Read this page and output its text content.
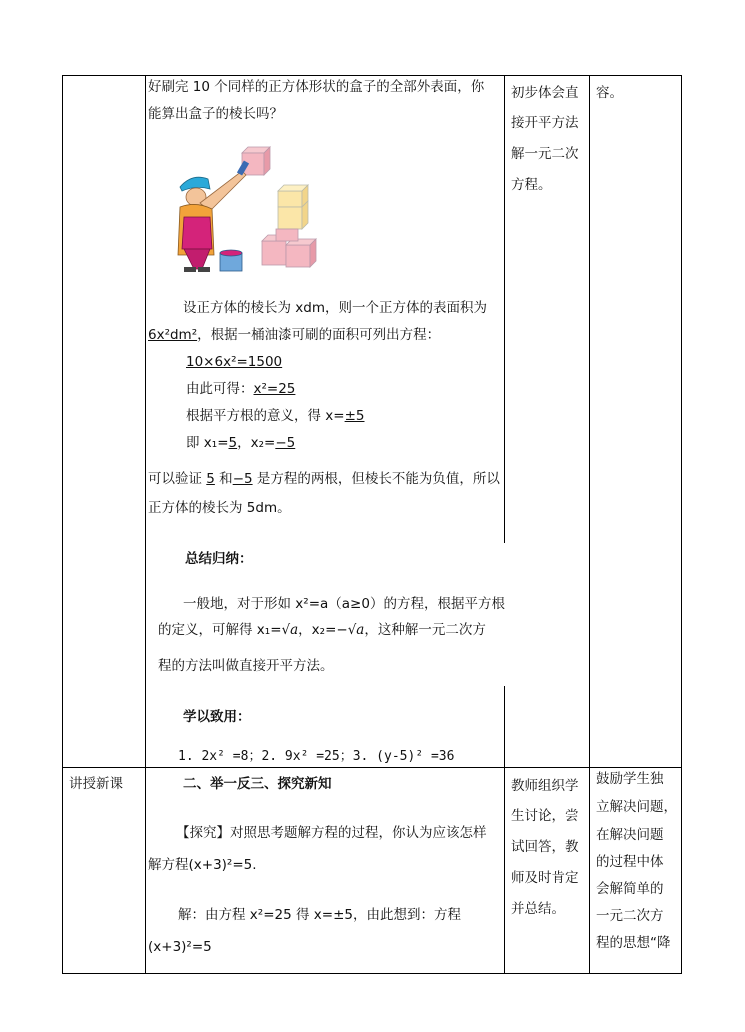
好刷完 10 个同样的正方体形状的盒子的全部外表面，你
能算出盒子的棱长吗？
设正方体的棱长为 xdm，则一个正方体的表面积为
6x²dm²，根据一桶油漆可刷的面积可列出方程：
10×6x²=1500
由此可得：x²=25
根据平方根的意义，得 x=±5
即 x₁=5，x₂=−5
可以验证 5 和−5 是方程的两根，但棱长不能为负值，所以
正方体的棱长为 5dm。
总结归纳：
一般地，对于形如 x²=a（a≥0）的方程，根据平方根
的定义，可解得 x₁=√a，x₂=−√a，这种解一元二次方
程的方法叫做直接开平方法。
学以致用：
1. 2x² =8；2. 9x² =25；3. (y-5)² =36
初步体会直
接开平方法
解一元二次
方程。
容。
讲授新课	二、举一反三、探究新知
【探究】对照思考题解方程的过程，你认为应该怎样
解方程(x+3)²=5.
解：由方程 x²=25 得 x=±5，由此想到：方程
(x+3)²=5
教师组织学
生讨论，尝
试回答，教
师及时肯定
并总结。
鼓励学生独
立解决问题，
在解决问题
的过程中体
会解简单的
一元二次方
程的思想“降
